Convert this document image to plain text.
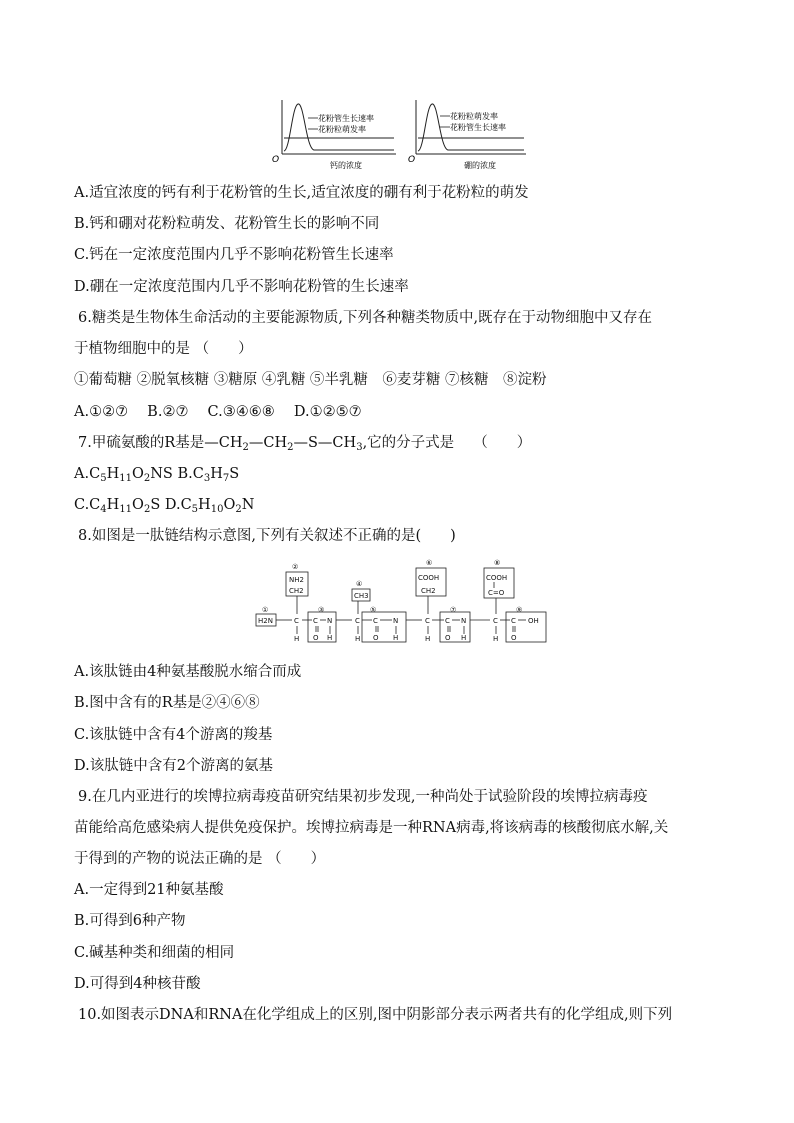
花粉管生长速率
花粉粒萌发率
O
钙的浓度
花粉粒萌发率
花粉管生长速率
O
硼的浓度
A.适宜浓度的钙有利于花粉管的生长,适宜浓度的硼有利于花粉粒的萌发
B.钙和硼对花粉粒萌发、花粉管生长的影响不同
C.钙在一定浓度范围内几乎不影响花粉管生长速率
D.硼在一定浓度范围内几乎不影响花粉管的生长速率
6.糖类是生物体生命活动的主要能源物质,下列各种糖类物质中,既存在于动物细胞中又存在
于植物细胞中的是 （　　）
①葡萄糖 ②脱氧核糖 ③糖原 ④乳糖 ⑤半乳糖　⑥麦芽糖 ⑦核糖　⑧淀粉
A.①②⑦　 B.②⑦　 C.③④⑥⑧　 D.①②⑤⑦
7.甲硫氨酸的R基是$—CH_2—CH_2—S—CH_3$,它的分子式是　 （　　）
$A.C_5H_{11}O_2NS$ $B.C_3H_7S$
$C.C_4H_{11}O_2S$ $D.C_5H_{10}O_2N$
8.如图是一肽链结构示意图,下列有关叙述不正确的是(　　)
①
②
③
④
⑤
⑥
⑦
⑧
⑨
H2N
NH2
CH2
C
H
C N
O H
CH3
C
H
C N
O H
COOH
CH2
C
H
C N
O H
COOH
C=O
C
H
C OH
O
A.该肽链由4种氨基酸脱水缩合而成
B.图中含有的R基是②④⑥⑧
C.该肽链中含有4个游离的羧基
D.该肽链中含有2个游离的氨基
9.在几内亚进行的埃博拉病毒疫苗研究结果初步发现,一种尚处于试验阶段的埃博拉病毒疫
苗能给高危感染病人提供免疫保护。埃博拉病毒是一种RNA病毒,将该病毒的核酸彻底水解,关
于得到的产物的说法正确的是 （　　）
A.一定得到21种氨基酸
B.可得到6种产物
C.碱基种类和细菌的相同
D.可得到4种核苷酸
10.如图表示DNA和RNA在化学组成上的区别,图中阴影部分表示两者共有的化学组成,则下列
